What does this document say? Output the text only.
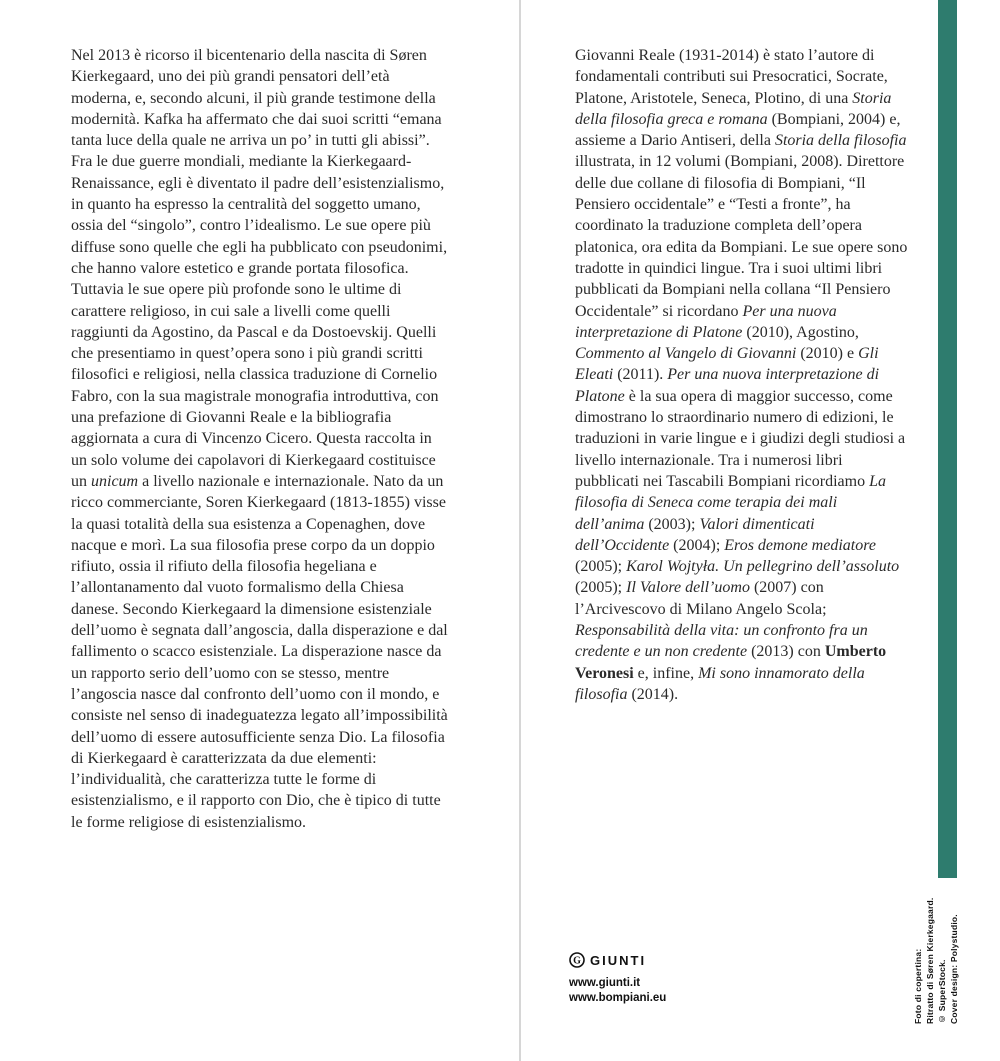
Nel 2013 è ricorso il bicentenario della nascita di Søren Kierkegaard, uno dei più grandi pensatori dell’età moderna, e, secondo alcuni, il più grande testimone della modernità. Kafka ha affermato che dai suoi scritti “emana tanta luce della quale ne arriva un po’ in tutti gli abissi”. Fra le due guerre mondiali, mediante la Kierkegaard-Renaissance, egli è diventato il padre dell’esistenzialismo, in quanto ha espresso la centralità del soggetto umano, ossia del “singolo”, contro l’idealismo. Le sue opere più diffuse sono quelle che egli ha pubblicato con pseudonimi, che hanno valore estetico e grande portata filosofica. Tuttavia le sue opere più profonde sono le ultime di carattere religioso, in cui sale a livelli come quelli raggiunti da Agostino, da Pascal e da Dostoevskij. Quelli che presentiamo in quest’opera sono i più grandi scritti filosofici e religiosi, nella classica traduzione di Cornelio Fabro, con la sua magistrale monografia introduttiva, con una prefazione di Giovanni Reale e la bibliografia aggiornata a cura di Vincenzo Cicero. Questa raccolta in un solo volume dei capolavori di Kierkegaard costituisce un unicum a livello nazionale e internazionale. Nato da un ricco commerciante, Soren Kierkegaard (1813-1855) visse la quasi totalità della sua esistenza a Copenaghen, dove nacque e morì. La sua filosofia prese corpo da un doppio rifiuto, ossia il rifiuto della filosofia hegeliana e l’allontanamento dal vuoto formalismo della Chiesa danese. Secondo Kierkegaard la dimensione esistenziale dell’uomo è segnata dall’angoscia, dalla disperazione e dal fallimento o scacco esistenziale. La disperazione nasce da un rapporto serio dell’uomo con se stesso, mentre l’angoscia nasce dal confronto dell’uomo con il mondo, e consiste nel senso di inadeguatezza legato all’impossibilità dell’uomo di essere autosufficiente senza Dio. La filosofia di Kierkegaard è caratterizzata da due elementi: l’individualità, che caratterizza tutte le forme di esistenzialismo, e il rapporto con Dio, che è tipico di tutte le forme religiose di esistenzialismo.
Giovanni Reale (1931-2014) è stato l’autore di fondamentali contributi sui Presocratici, Socrate, Platone, Aristotele, Seneca, Plotino, di una Storia della filosofia greca e romana (Bompiani, 2004) e, assieme a Dario Antiseri, della Storia della filosofia illustrata, in 12 volumi (Bompiani, 2008). Direttore delle due collane di filosofia di Bompiani, “Il Pensiero occidentale” e “Testi a fronte”, ha coordinato la traduzione completa dell’opera platonica, ora edita da Bompiani. Le sue opere sono tradotte in quindici lingue. Tra i suoi ultimi libri pubblicati da Bompiani nella collana “Il Pensiero Occidentale” si ricordano Per una nuova interpretazione di Platone (2010), Agostino, Commento al Vangelo di Giovanni (2010) e Gli Eleati (2011). Per una nuova interpretazione di Platone è la sua opera di maggior successo, come dimostrano lo straordinario numero di edizioni, le traduzioni in varie lingue e i giudizi degli studiosi a livello internazionale. Tra i numerosi libri pubblicati nei Tascabili Bompiani ricordiamo La filosofia di Seneca come terapia dei mali dell’anima (2003); Valori dimenticati dell’Occidente (2004); Eros demone mediatore (2005); Karol Wojtyła. Un pellegrino dell’assoluto (2005); Il Valore dell’uomo (2007) con l’Arcivescovo di Milano Angelo Scola; Responsabilità della vita: un confronto fra un credente e un non credente (2013) con Umberto Veronesi e, infine, Mi sono innamorato della filosofia (2014).
Foto di copertina: Ritratto di Søren Kierkegaard. © SuperStock. Cover design: Polystudio.
G GIUNTI
www.giunti.it
www.bompiani.eu
